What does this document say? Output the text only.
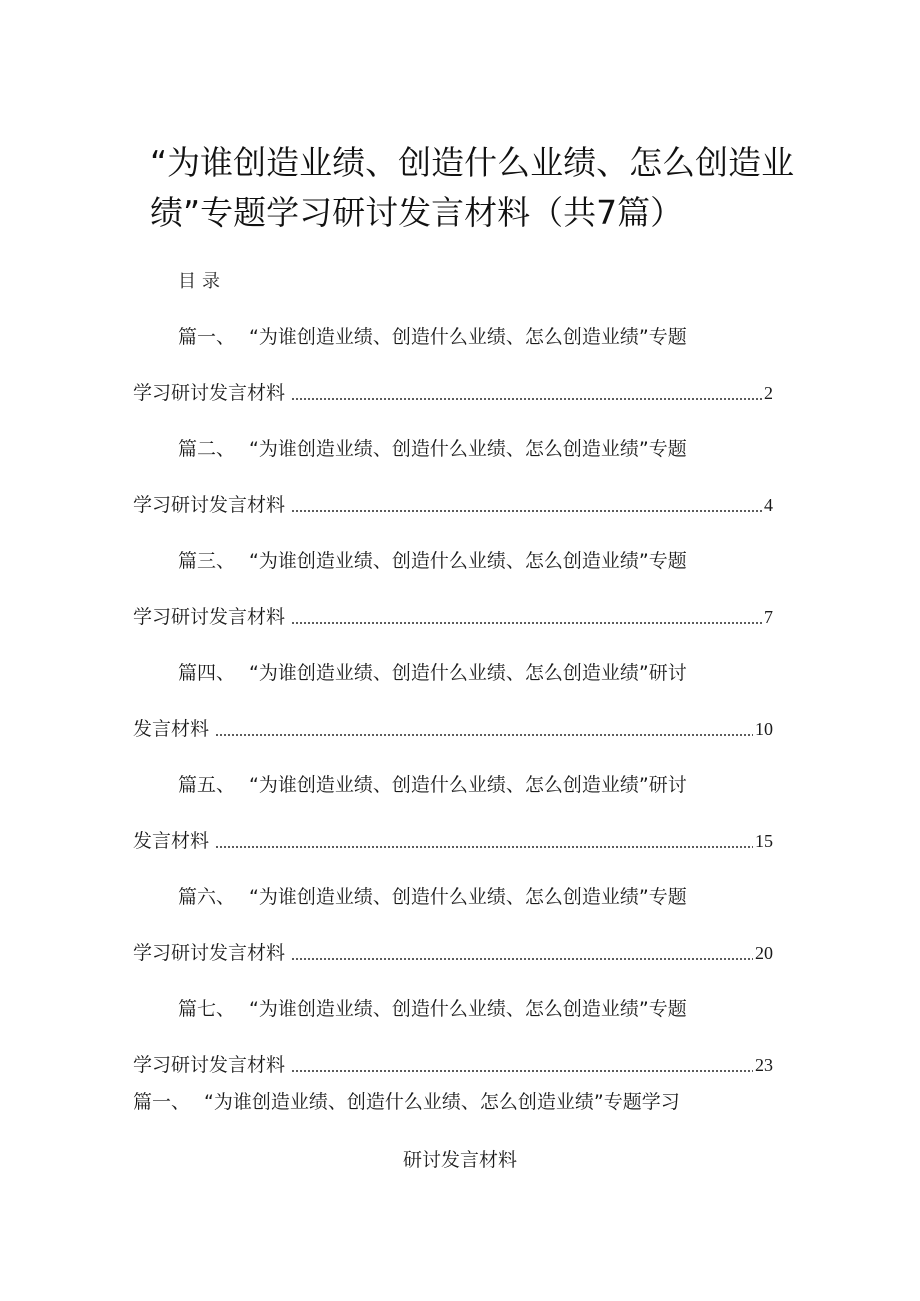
“为谁创造业绩、创造什么业绩、怎么创造业绩”专题学习研讨发言材料（共7篇）
目录
篇一、 “为谁创造业绩、创造什么业绩、怎么创造业绩”专题
学习研讨发言材料	2
篇二、 “为谁创造业绩、创造什么业绩、怎么创造业绩”专题
学习研讨发言材料	4
篇三、 “为谁创造业绩、创造什么业绩、怎么创造业绩”专题
学习研讨发言材料	7
篇四、 “为谁创造业绩、创造什么业绩、怎么创造业绩”研讨
发言材料	10
篇五、 “为谁创造业绩、创造什么业绩、怎么创造业绩”研讨
发言材料	15
篇六、 “为谁创造业绩、创造什么业绩、怎么创造业绩”专题
学习研讨发言材料	20
篇七、 “为谁创造业绩、创造什么业绩、怎么创造业绩”专题
学习研讨发言材料	23
篇一、 “为谁创造业绩、创造什么业绩、怎么创造业绩”专题学习
研讨发言材料
